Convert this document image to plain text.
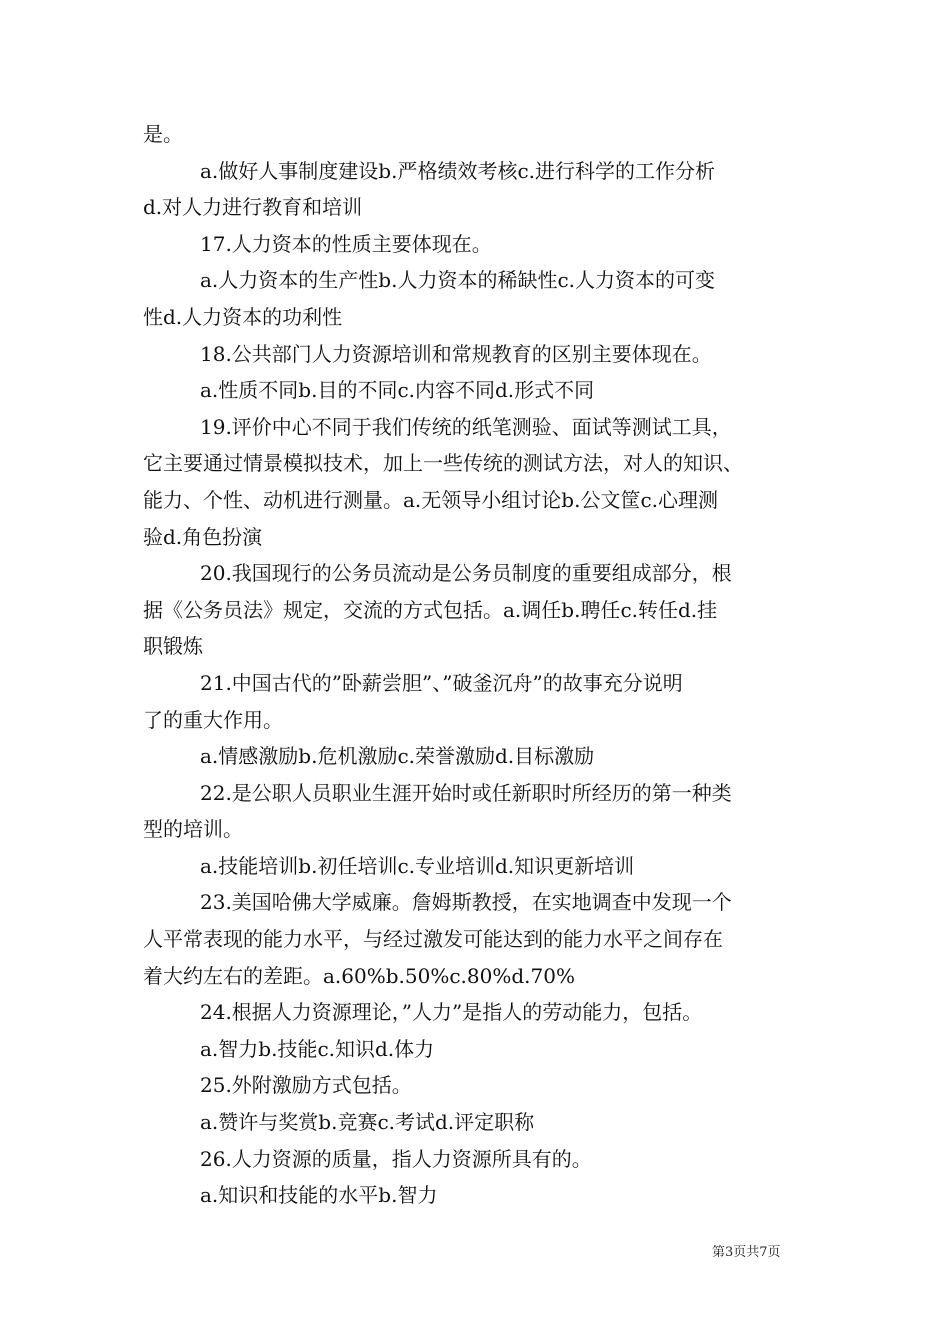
是。
a.做好人事制度建设b.严格绩效考核c.进行科学的工作分析
d.对人力进行教育和培训
17.人力资本的性质主要体现在。
a.人力资本的生产性b.人力资本的稀缺性c.人力资本的可变
性d.人力资本的功利性
18.公共部门人力资源培训和常规教育的区别主要体现在。
a.性质不同b.目的不同c.内容不同d.形式不同
19.评价中心不同于我们传统的纸笔测验、面试等测试工具，
它主要通过情景模拟技术，加上一些传统的测试方法，对人的知识、
能力、个性、动机进行测量。a.无领导小组讨论b.公文筐c.心理测
验d.角色扮演
20.我国现行的公务员流动是公务员制度的重要组成部分，根
据《公务员法》规定，交流的方式包括。a.调任b.聘任c.转任d.挂
职锻炼
21.中国古代的”卧薪尝胆”、”破釜沉舟”的故事充分说明
了的重大作用。
a.情感激励b.危机激励c.荣誉激励d.目标激励
22.是公职人员职业生涯开始时或任新职时所经历的第一种类
型的培训。
a.技能培训b.初任培训c.专业培训d.知识更新培训
23.美国哈佛大学威廉。詹姆斯教授，在实地调查中发现一个
人平常表现的能力水平，与经过激发可能达到的能力水平之间存在
着大约左右的差距。a.60%b.50%c.80%d.70%
24.根据人力资源理论，”人力”是指人的劳动能力，包括。
a.智力b.技能c.知识d.体力
25.外附激励方式包括。
a.赞许与奖赏b.竞赛c.考试d.评定职称
26.人力资源的质量，指人力资源所具有的。
a.知识和技能的水平b.智力
第3页共7页
